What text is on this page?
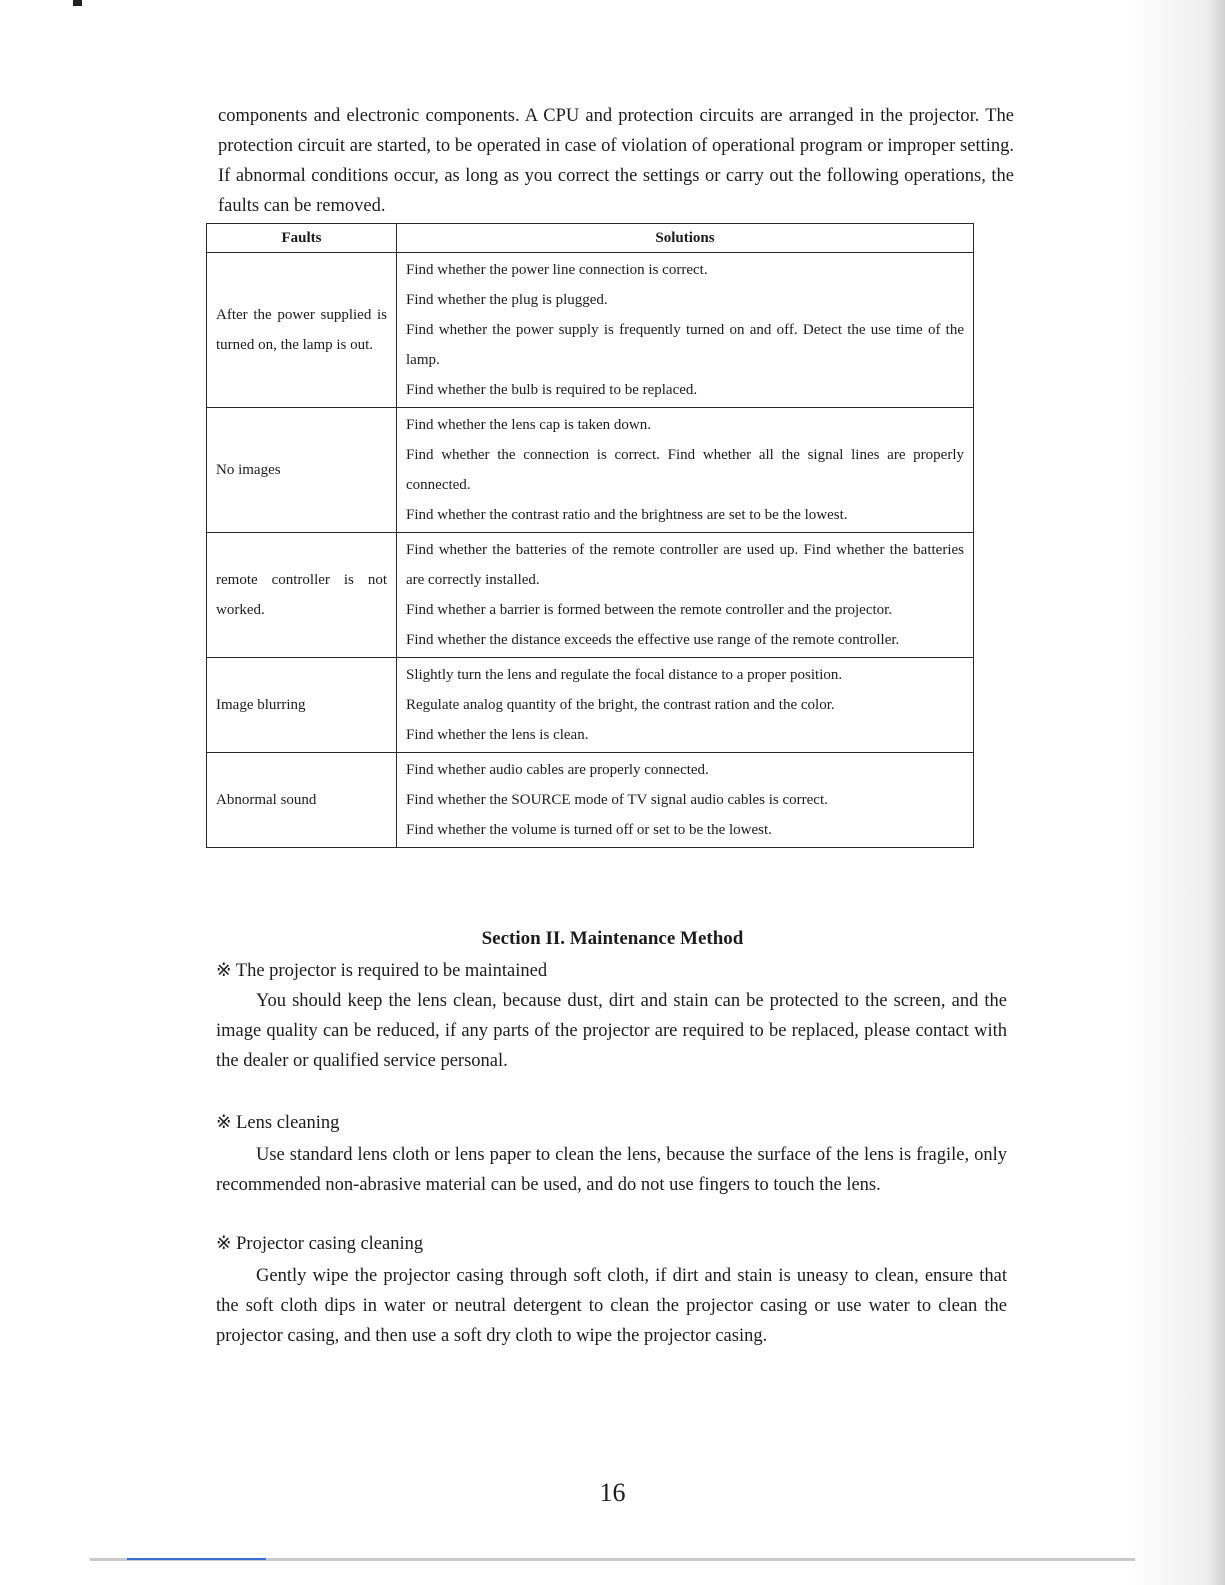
components and electronic components. A CPU and protection circuits are arranged in the projector. The protection circuit are started, to be operated in case of violation of operational program or improper setting. If abnormal conditions occur, as long as you correct the settings or carry out the following operations, the faults can be removed.

Faults	Solutions
After the power supplied is turned on, the lamp is out.	Find whether the power line connection is correct.
Find whether the plug is plugged.
Find whether the power supply is frequently turned on and off. Detect the use time of the lamp.
Find whether the bulb is required to be replaced.

No images	Find whether the lens cap is taken down.
Find whether the connection is correct. Find whether all the signal lines are properly connected.
Find whether the contrast ratio and the brightness are set to be the lowest.

remote controller is not worked.	Find whether the batteries of the remote controller are used up. Find whether the batteries are correctly installed.
Find whether a barrier is formed between the remote controller and the projector.
Find whether the distance exceeds the effective use range of the remote controller.

Image blurring	Slightly turn the lens and regulate the focal distance to a proper position.
Regulate analog quantity of the bright, the contrast ration and the color.
Find whether the lens is clean.

Abnormal sound	Find whether audio cables are properly connected.
Find whether the SOURCE mode of TV signal audio cables is correct.
Find whether the volume is turned off or set to be the lowest.
Section II. Maintenance Method

※ The projector is required to be maintained

You should keep the lens clean, because dust, dirt and stain can be protected to the screen, and the image quality can be reduced, if any parts of the projector are required to be replaced, please contact with the dealer or qualified service personal.

※ Lens cleaning

Use standard lens cloth or lens paper to clean the lens, because the surface of the lens is fragile, only recommended non-abrasive material can be used, and do not use fingers to touch the lens.

※ Projector casing cleaning

Gently wipe the projector casing through soft cloth, if dirt and stain is uneasy to clean, ensure that the soft cloth dips in water or neutral detergent to clean the projector casing or use water to clean the projector casing, and then use a soft dry cloth to wipe the projector casing.

16
